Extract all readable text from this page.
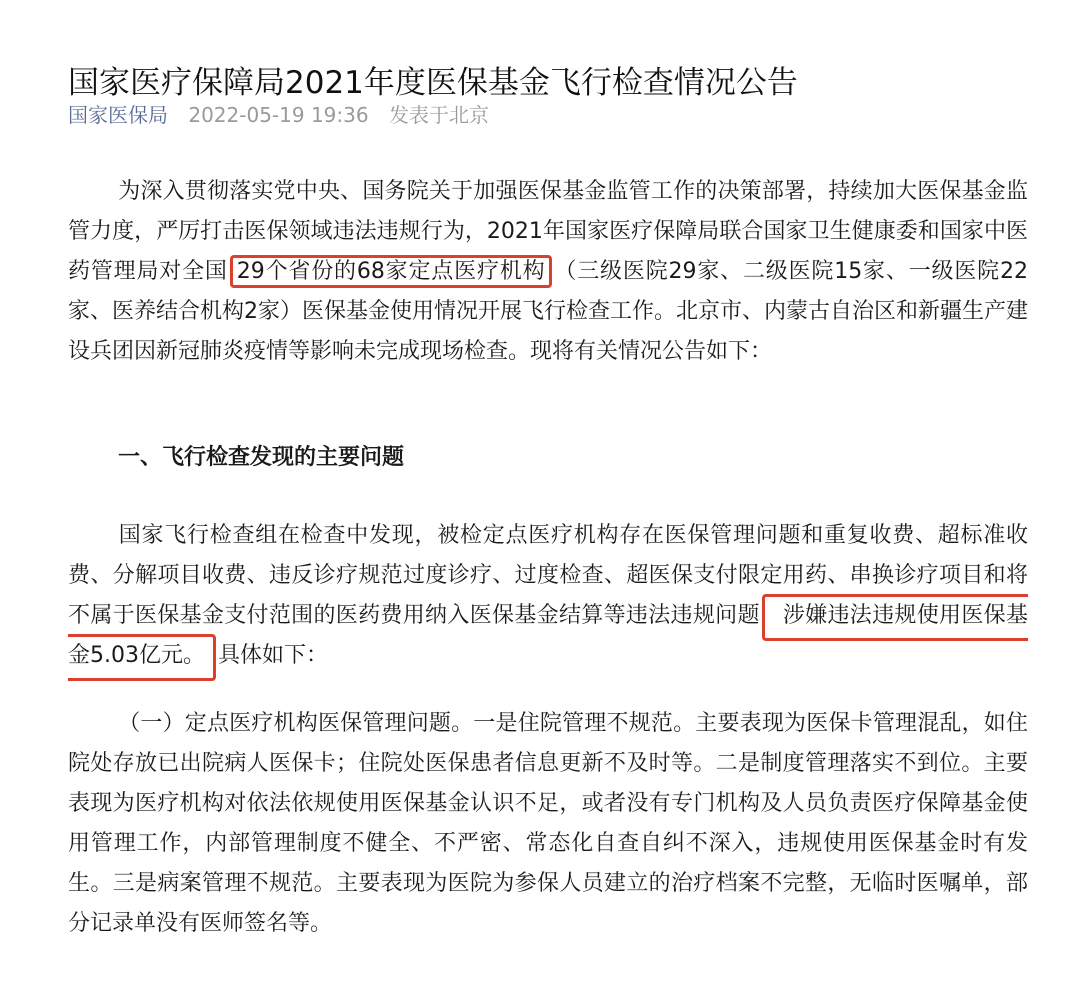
国家医疗保障局2021年度医保基金飞行检查情况公告
国家医保局 2022-05-19 19:36 发表于北京
为深入贯彻落实党中央、国务院关于加强医保基金监管工作的决策部署，持续加大医保基金监管力度，严厉打击医保领域违法违规行为，2021年国家医疗保障局联合国家卫生健康委和国家中医药管理局对全国 29个省份的68家定点医疗机构 （三级医院29家、二级医院15家、一级医院22家、医养结合机构2家）医保基金使用情况开展飞行检查工作。北京市、内蒙古自治区和新疆生产建设兵团因新冠肺炎疫情等影响未完成现场检查。现将有关情况公告如下：
一、飞行检查发现的主要问题
国家飞行检查组在检查中发现，被检定点医疗机构存在医保管理问题和重复收费、超标准收费、分解项目收费、违反诊疗规范过度诊疗、过度检查、超医保支付限定用药、串换诊疗项目和将不属于医保基金支付范围的医药费用纳入医保基金结算等违法违规问题 涉嫌违法违规使用医保基金5.03亿元。 具体如下：
（一）定点医疗机构医保管理问题。一是住院管理不规范。主要表现为医保卡管理混乱，如住院处存放已出院病人医保卡；住院处医保患者信息更新不及时等。二是制度管理落实不到位。主要表现为医疗机构对依法依规使用医保基金认识不足，或者没有专门机构及人员负责医疗保障基金使用管理工作，内部管理制度不健全、不严密、常态化自查自纠不深入，违规使用医保基金时有发生。三是病案管理不规范。主要表现为医院为参保人员建立的治疗档案不完整，无临时医嘱单，部分记录单没有医师签名等。
